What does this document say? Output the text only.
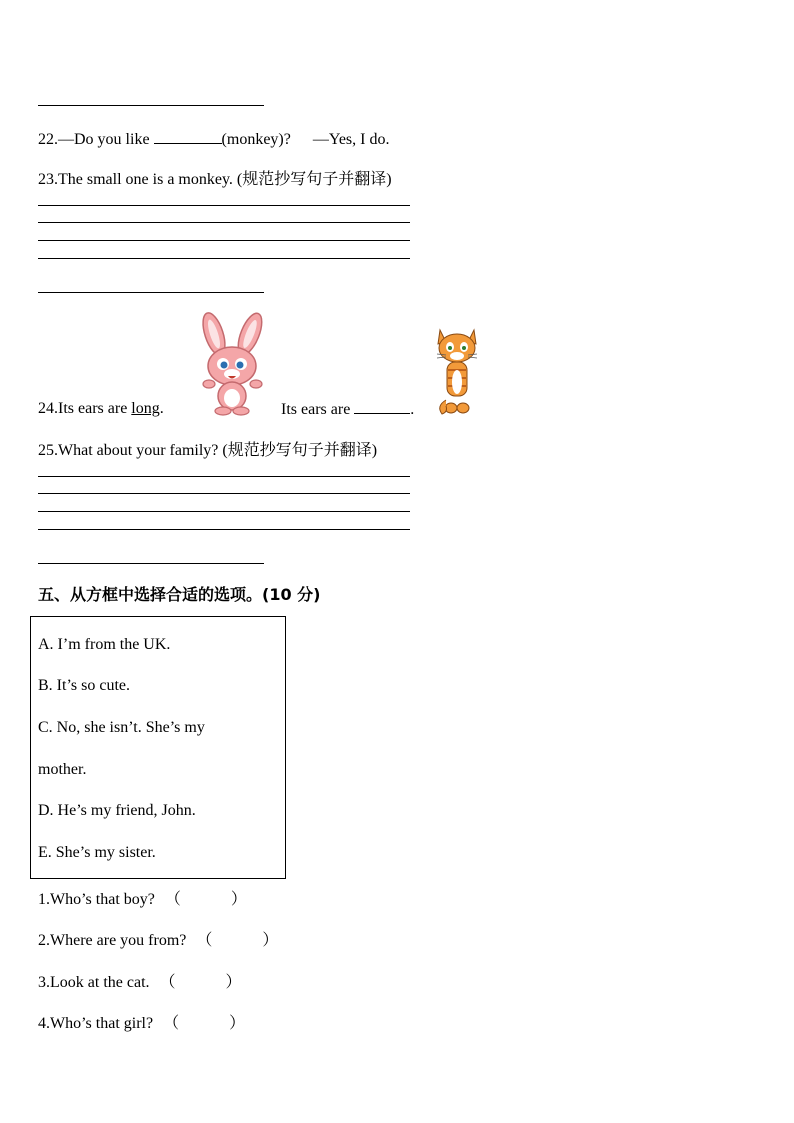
22.—Do you like	(monkey)? —Yes, I do.
23.The small one is a monkey. (规范抄写句子并翻译)
24.Its ears are long.	Its ears are	.
25.What about your family? (规范抄写句子并翻译)
五、从方框中选择合适的选项。(10 分)
A. I’m from the UK.
B. It’s so cute.
C. No, she isn’t. She’s my
mother.
D. He’s my friend, John.
E. She’s my sister.
1.Who’s that boy? （	）
2.Where are you from? （	）
3.Look at the cat. （	）
4.Who’s that girl? （	）
